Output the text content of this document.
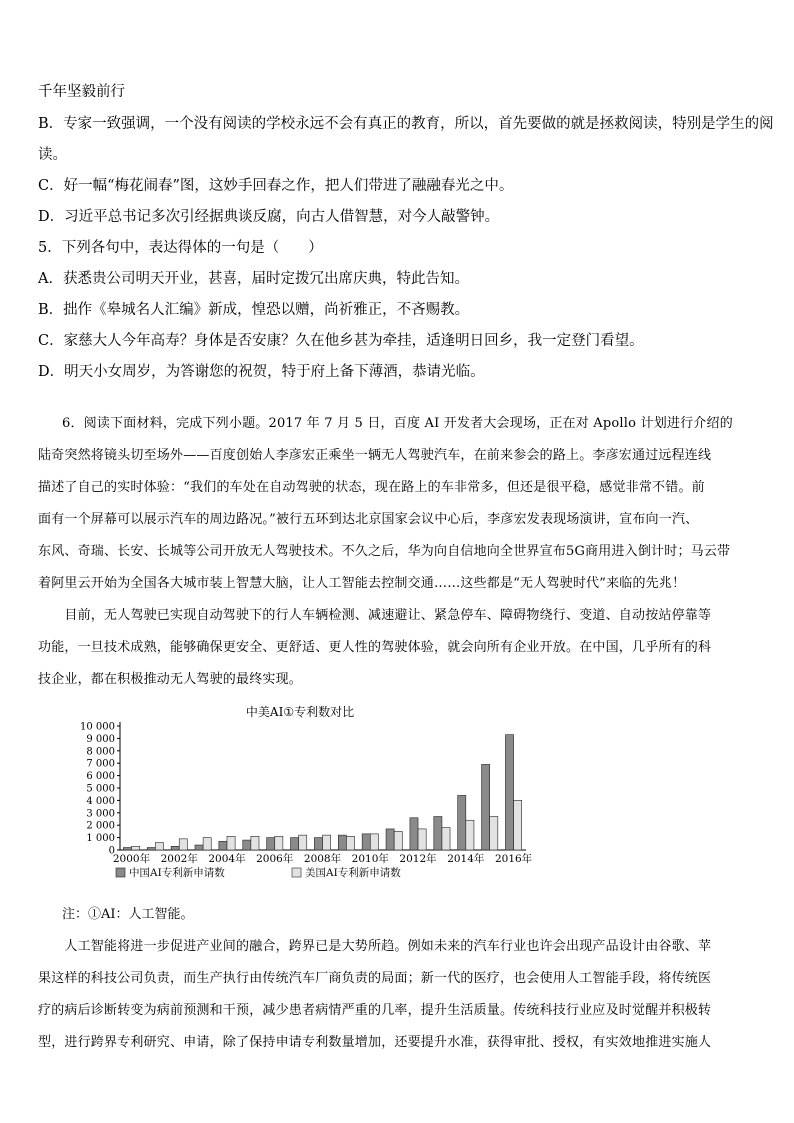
千年坚毅前行
B．专家一致强调，一个没有阅读的学校永远不会有真正的教育，所以，首先要做的就是拯救阅读，特别是学生的阅
读。
C．好一幅“梅花闹春”图，这妙手回春之作，把人们带进了融融春光之中。
D．习近平总书记多次引经据典谈反腐，向古人借智慧，对今人敲警钟。
5．下列各句中，表达得体的一句是（　　）
A．获悉贵公司明天开业，甚喜，届时定拨冗出席庆典，特此告知。
B．拙作《皋城名人汇编》新成，惶恐以赠，尚祈雅正，不吝赐教。
C．家慈大人今年高寿？身体是否安康？久在他乡甚为牵挂，适逢明日回乡，我一定登门看望。
D．明天小女周岁，为答谢您的祝贺，特于府上备下薄酒，恭请光临。
6．阅读下面材料，完成下列小题。2017 年 7 月 5 日，百度 AI 开发者大会现场，正在对 Apollo 计划进行介绍的
陆奇突然将镜头切至场外——百度创始人李彦宏正乘坐一辆无人驾驶汽车，在前来参会的路上。李彦宏通过远程连线
描述了自己的实时体验：“我们的车处在自动驾驶的状态，现在路上的车非常多，但还是很平稳，感觉非常不错。前
面有一个屏幕可以展示汽车的周边路况。”被行五环到达北京国家会议中心后，李彦宏发表现场演讲，宣布向一汽、
东风、奇瑞、长安、长城等公司开放无人驾驶技术。不久之后，华为向自信地向全世界宣布5G商用进入倒计时；马云带
着阿里云开始为全国各大城市装上智慧大脑，让人工智能去控制交通……这些都是“无人驾驶时代”来临的先兆！
　　目前，无人驾驶已实现自动驾驶下的行人车辆检测、减速避让、紧急停车、障碍物绕行、变道、自动按站停靠等
功能，一旦技术成熟，能够确保更安全、更舒适、更人性的驾驶体验，就会向所有企业开放。在中国，几乎所有的科
技企业，都在积极推动无人驾驶的最终实现。
中美AI①专利数对比
0
1 000
2 000
3 000
4 000
5 000
6 000
7 000
8 000
9 000
10 000
2000年 2002年 2004年 2006年 2008年 2010年 2012年 2014年 2016年
中国AI专利新申请数	美国AI专利新申请数
注：①AI：人工智能。
　　人工智能将进一步促进产业间的融合，跨界已是大势所趋。例如未来的汽车行业也许会出现产品设计由谷歌、苹
果这样的科技公司负责，而生产执行由传统汽车厂商负责的局面；新一代的医疗，也会使用人工智能手段，将传统医
疗的病后诊断转变为病前预测和干预，减少患者病情严重的几率，提升生活质量。传统科技行业应及时觉醒并积极转
型，进行跨界专利研究、申请，除了保持申请专利数量增加，还要提升水准，获得审批、授权，有实效地推进实施人
